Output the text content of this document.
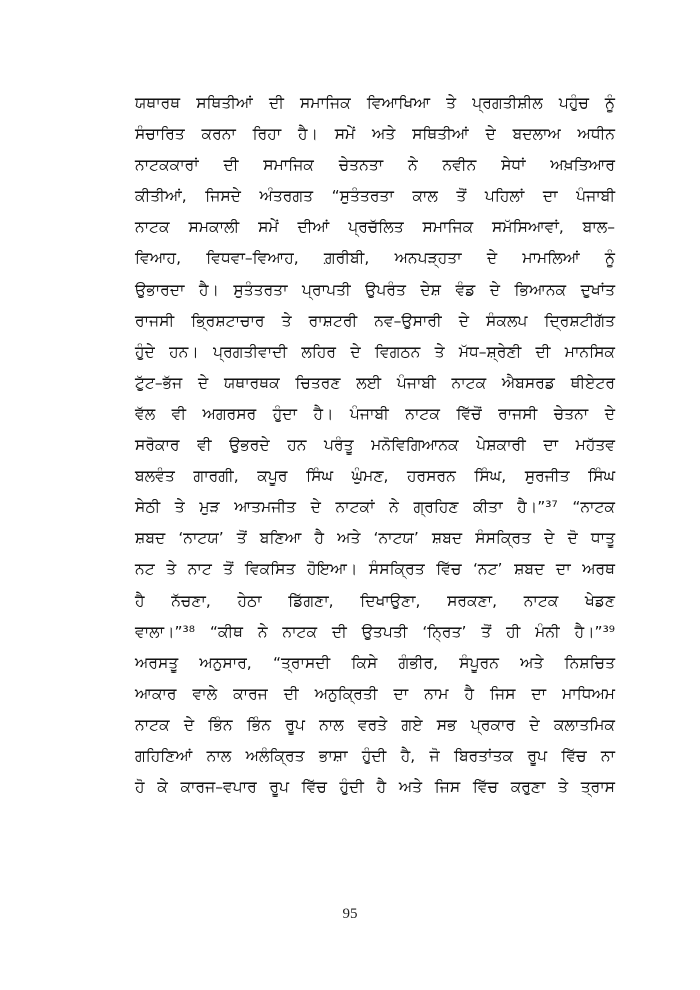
ਯਥਾਰਥ ਸਥਿਤੀਆਂ ਦੀ ਸਮਾਜਿਕ ਵਿਆਖਿਆ ਤੇ ਪ੍ਰਗਤੀਸ਼ੀਲ ਪਹੁੰਚ ਨੂੰ
ਸੰਚਾਰਿਤ ਕਰਨਾ ਰਿਹਾ ਹੈ। ਸਮੇਂ ਅਤੇ ਸਥਿਤੀਆਂ ਦੇ ਬਦਲਾਅ ਅਧੀਨ
ਨਾਟਕਕਾਰਾਂ ਦੀ ਸਮਾਜਿਕ ਚੇਤਨਤਾ ਨੇ ਨਵੀਨ ਸੇਧਾਂ ਅਖ਼ਤਿਆਰ
ਕੀਤੀਆਂ, ਜਿਸਦੇ ਅੰਤਰਗਤ “ਸੁਤੰਤਰਤਾ ਕਾਲ ਤੋਂ ਪਹਿਲਾਂ ਦਾ ਪੰਜਾਬੀ
ਨਾਟਕ ਸਮਕਾਲੀ ਸਮੇਂ ਦੀਆਂ ਪ੍ਰਚੱਲਿਤ ਸਮਾਜਿਕ ਸਮੱਸਿਆਵਾਂ, ਬਾਲ–
ਵਿਆਹ, ਵਿਧਵਾ–ਵਿਆਹ, ਗ਼ਰੀਬੀ, ਅਨਪੜ੍ਹਤਾ ਦੇ ਮਾਮਲਿਆਂ ਨੂੰ
ਉਭਾਰਦਾ ਹੈ। ਸੁਤੰਤਰਤਾ ਪ੍ਰਾਪਤੀ ਉਪਰੰਤ ਦੇਸ਼ ਵੰਡ ਦੇ ਭਿਆਨਕ ਦੁਖਾਂਤ
ਰਾਜਸੀ ਭ੍ਰਿਸ਼ਟਾਚਾਰ ਤੇ ਰਾਸ਼ਟਰੀ ਨਵ–ਉਸਾਰੀ ਦੇ ਸੰਕਲਪ ਦ੍ਰਿਸ਼ਟੀਗੱਤ
ਹੁੰਦੇ ਹਨ। ਪ੍ਰਗਤੀਵਾਦੀ ਲਹਿਰ ਦੇ ਵਿਗਠਨ ਤੇ ਮੱਧ–ਸ਼੍ਰੇਣੀ ਦੀ ਮਾਨਸਿਕ
ਟੁੱਟ–ਭੱਜ ਦੇ ਯਥਾਰਥਕ ਚਿਤਰਣ ਲਈ ਪੰਜਾਬੀ ਨਾਟਕ ਐਬਸਰਡ ਥੀਏਟਰ
ਵੱਲ ਵੀ ਅਗਰਸਰ ਹੁੰਦਾ ਹੈ। ਪੰਜਾਬੀ ਨਾਟਕ ਵਿੱਚੋਂ ਰਾਜਸੀ ਚੇਤਨਾ ਦੇ
ਸਰੋਕਾਰ ਵੀ ਉਭਰਦੇ ਹਨ ਪਰੰਤੂ ਮਨੋਵਿਗਿਆਨਕ ਪੇਸ਼ਕਾਰੀ ਦਾ ਮਹੱਤਵ
ਬਲਵੰਤ ਗਾਰਗੀ, ਕਪੂਰ ਸਿੰਘ ਘੁੰਮਣ, ਹਰਸਰਨ ਸਿੰਘ, ਸੁਰਜੀਤ ਸਿੰਘ
ਸੇਠੀ ਤੇ ਮੁੜ ਆਤਮਜੀਤ ਦੇ ਨਾਟਕਾਂ ਨੇ ਗ੍ਰਹਿਣ ਕੀਤਾ ਹੈ।”³⁷ “ਨਾਟਕ
ਸ਼ਬਦ ‘ਨਾਟਯ’ ਤੋਂ ਬਣਿਆ ਹੈ ਅਤੇ ‘ਨਾਟਯ’ ਸ਼ਬਦ ਸੰਸਕ੍ਰਿਤ ਦੇ ਦੋ ਧਾਤੂ
ਨਟ ਤੇ ਨਾਟ ਤੋਂ ਵਿਕਸਿਤ ਹੋਇਆ। ਸੰਸਕ੍ਰਿਤ ਵਿੱਚ ‘ਨਟ’ ਸ਼ਬਦ ਦਾ ਅਰਥ
ਹੈ ਨੱਚਣਾ, ਹੇਠਾ ਡਿੱਗਣਾ, ਦਿਖਾਉਣਾ, ਸਰਕਣਾ, ਨਾਟਕ ਖੇਡਣ
ਵਾਲਾ।”³⁸ “ਕੀਥ ਨੇ ਨਾਟਕ ਦੀ ਉਤਪਤੀ ‘ਨ੍ਰਿਤ’ ਤੋਂ ਹੀ ਮੰਨੀ ਹੈ।”³⁹
ਅਰਸਤੂ ਅਨੁਸਾਰ, “ਤ੍ਰਾਸਦੀ ਕਿਸੇ ਗੰਭੀਰ, ਸੰਪੂਰਨ ਅਤੇ ਨਿਸ਼ਚਿਤ
ਆਕਾਰ ਵਾਲੇ ਕਾਰਜ ਦੀ ਅਨੁਕ੍ਰਿਤੀ ਦਾ ਨਾਮ ਹੈ ਜਿਸ ਦਾ ਮਾਧਿਅਮ
ਨਾਟਕ ਦੇ ਭਿੰਨ ਭਿੰਨ ਰੂਪ ਨਾਲ ਵਰਤੇ ਗਏ ਸਭ ਪ੍ਰਕਾਰ ਦੇ ਕਲਾਤਮਿਕ
ਗਹਿਣਿਆਂ ਨਾਲ ਅਲੰਕ੍ਰਿਤ ਭਾਸ਼ਾ ਹੁੰਦੀ ਹੈ, ਜੋ ਬਿਰਤਾਂਤਕ ਰੂਪ ਵਿੱਚ ਨਾ
ਹੋ ਕੇ ਕਾਰਜ–ਵਪਾਰ ਰੂਪ ਵਿੱਚ ਹੁੰਦੀ ਹੈ ਅਤੇ ਜਿਸ ਵਿੱਚ ਕਰੁਣਾ ਤੇ ਤ੍ਰਾਸ
95
